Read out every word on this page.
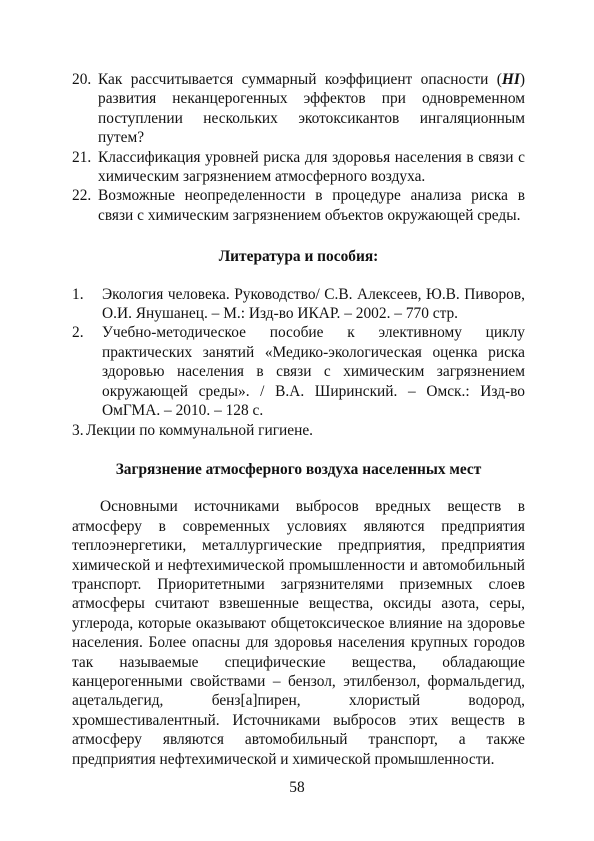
20. Как рассчитывается суммарный коэффициент опасности (HI) развития неканцерогенных эффектов при одновременном поступлении нескольких экотоксикантов ингаляционным путем?
21. Классификация уровней риска для здоровья населения в связи с химическим загрязнением атмосферного воздуха.
22. Возможные неопределенности в процедуре анализа риска в связи с химическим загрязнением объектов окружающей среды.
Литература и пособия:
1.	Экология человека. Руководство/ С.В. Алексеев, Ю.В. Пиворов, О.И. Янушанец. – М.: Изд-во ИКАР. – 2002. – 770 стр.
2.	Учебно-методическое пособие к элективному циклу практических занятий «Медико-экологическая оценка риска здоровью населения в связи с химическим загрязнением окружающей среды». / В.А. Ширинский. – Омск.: Изд-во ОмГМА. – 2010. – 128 с.
3. Лекции по коммунальной гигиене.
Загрязнение атмосферного воздуха населенных мест
Основными источниками выбросов вредных веществ в атмосферу в современных условиях являются предприятия теплоэнергетики, металлургические предприятия, предприятия химической и нефтехимической промышленности и автомобильный транспорт. Приоритетными загрязнителями приземных слоев атмосферы считают взвешенные вещества, оксиды азота, серы, углерода, которые оказывают общетоксическое влияние на здоровье населения. Более опасны для здоровья населения крупных городов так называемые специфические вещества, обладающие канцерогенными свойствами – бензол, этилбензол, формальдегид, ацетальдегид, бенз[а]пирен, хлористый водород, хромшестивалентный. Источниками выбросов этих веществ в атмосферу являются автомобильный транспорт, а также предприятия нефтехимической и химической промышленности.
58
